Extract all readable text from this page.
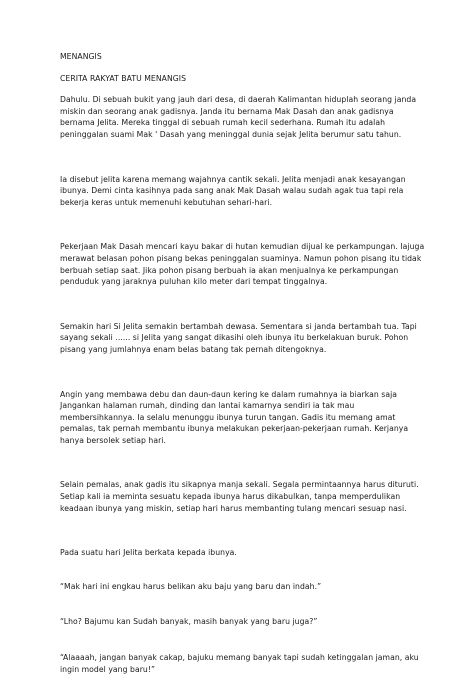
MENANGIS

CERITA RAKYAT BATU MENANGIS

Dahulu. Di sebuah bukit yang jauh dari desa, di daerah Kalimantan hiduplah seorang janda miskin dan seorang anak gadisnya. Janda itu bernama Mak Dasah dan anak gadisnya bernama Jelita. Mereka tinggal di sebuah rumah kecil sederhana. Rumah itu adalah peninggalan suami Mak ' Dasah yang meninggal dunia sejak Jelita berumur satu tahun.

Ia disebut jelita karena memang wajahnya cantik sekali. Jelita menjadi anak kesayangan ibunya. Demi cinta kasihnya pada sang anak Mak Dasah walau sudah agak tua tapi rela bekerja keras untuk memenuhi kebutuhan sehari-hari.

Pekerjaan Mak Dasah mencari kayu bakar di hutan kemudian dijual ke perkampungan. Iajuga merawat belasan pohon pisang bekas peninggalan suaminya. Namun pohon pisang itu tidak berbuah setiap saat. Jika pohon pisang berbuah ia akan menjualnya ke perkampungan penduduk yang jaraknya puluhan kilo meter dari tempat tinggalnya.

Semakin hari Si Jelita semakin bertambah dewasa. Sementara si janda bertambah tua. Tapi sayang sekali ...... si Jelita yang sangat dikasihi oleh ibunya itu berkelakuan buruk. Pohon pisang yang jumlahnya enam belas batang tak pernah ditengoknya.

Angin yang membawa debu dan daun-daun kering ke dalam rumahnya ia biarkan saja Jangankan halaman rumah, dinding dan lantai kamarnya sendiri ia tak mau membersihkannya. Ia selalu menunggu ibunya turun tangan. Gadis itu memang amat pemalas, tak pernah membantu ibunya melakukan pekerjaan-pekerjaan rumah. Kerjanya hanya bersolek setiap hari.

Selain pemalas, anak gadis itu sikapnya manja sekali. Segala permintaannya harus dituruti. Setiap kali ia meminta sesuatu kepada ibunya harus dikabulkan, tanpa memperdulikan keadaan ibunya yang miskin, setiap hari harus membanting tulang mencari sesuap nasi.

Pada suatu hari Jelita berkata kepada ibunya.

“Mak hari ini engkau harus belikan aku baju yang baru dan indah.”

“Lho? Bajumu kan Sudah banyak, masih banyak yang baru juga?”

“Alaaaah, jangan banyak cakap, bajuku memang banyak tapi sudah ketinggalan jaman, aku ingin model yang baru!”
